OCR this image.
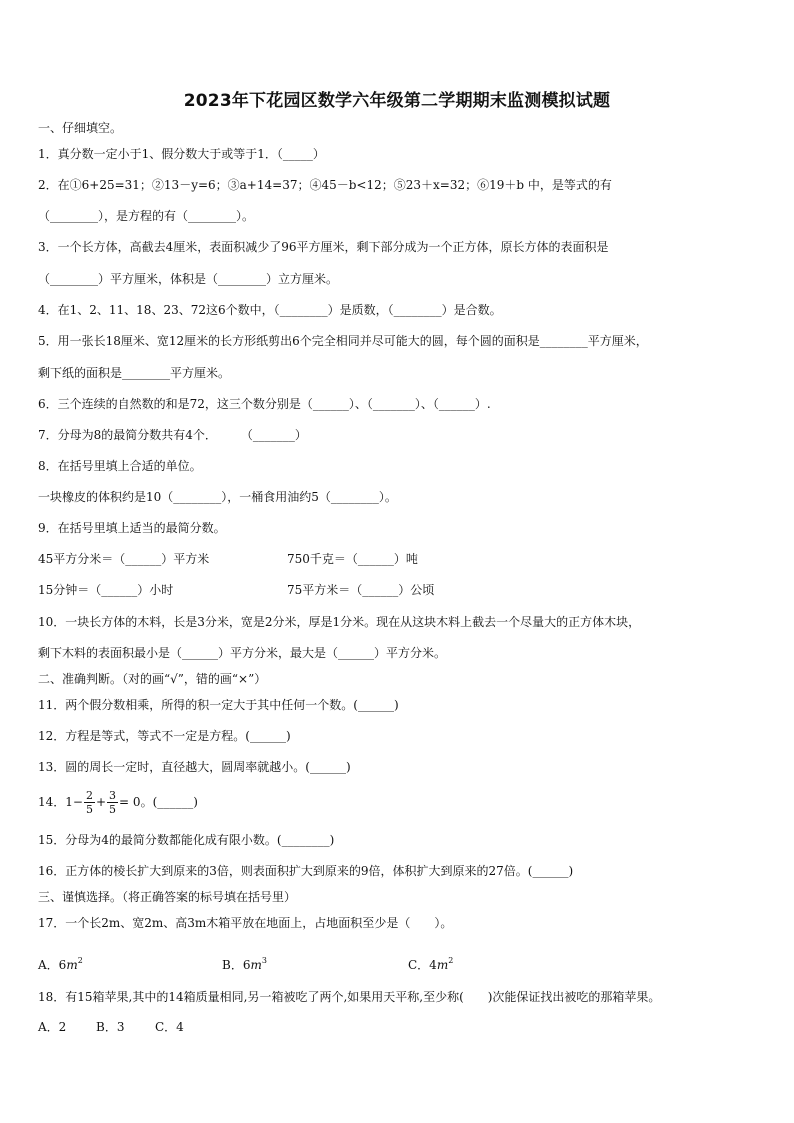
2023年下花园区数学六年级第二学期期末监测模拟试题
一、仔细填空。
1．真分数一定小于1、假分数大于或等于1．（_____）
2．在①6+25=31；②13－y=6；③a+14=37；④45－b<12；⑤23＋x=32；⑥19＋b 中，是等式的有
（________），是方程的有（________）。
3．一个长方体，高截去4厘米，表面积减少了96平方厘米，剩下部分成为一个正方体，原长方体的表面积是
（________）平方厘米，体积是（________）立方厘米。
4．在1、2、11、18、23、72这6个数中，（________）是质数，（________）是合数。
5．用一张长18厘米、宽12厘米的长方形纸剪出6个完全相同并尽可能大的圆，每个圆的面积是________平方厘米，
剩下纸的面积是________平方厘米。
6．三个连续的自然数的和是72，这三个数分别是（______）、（_______）、（______）.
7．分母为8的最简分数共有4个．　　　（_______）
8．在括号里填上合适的单位。
一块橡皮的体积约是10（________），一桶食用油约5（________）。
9．在括号里填上适当的最简分数。
45平方分米＝（______）平方米	750千克＝（______）吨
15分钟＝（______）小时	75平方米＝（______）公顷
10．一块长方体的木料，长是3分米，宽是2分米，厚是1分米。现在从这块木料上截去一个尽量大的正方体木块，
剩下木料的表面积最小是（______）平方分米，最大是（______）平方分米。
二、准确判断。（对的画“√”，错的画“×”）
11．两个假分数相乘，所得的积一定大于其中任何一个数。(______)
12．方程是等式，等式不一定是方程。(______)
13．圆的周长一定时，直径越大，圆周率就越小。(______)
14．$1- \frac{2}{5} + \frac{3}{5} = 0$。(______)
15．分母为4的最简分数都能化成有限小数。(________)
16．正方体的棱长扩大到原来的3倍，则表面积扩大到原来的9倍，体积扩大到原来的27倍。(______)
三、谨慎选择。（将正确答案的标号填在括号里）
17．一个长2m、宽2m、高3m木箱平放在地面上，占地面积至少是（　　）。
A．$6m^2$	B．$6m^3$	C．$4m^2$
18．有15箱苹果,其中的14箱质量相同,另一箱被吃了两个,如果用天平称,至少称(　　)次能保证找出被吃的那箱苹果。
A．2 B．3	C．4
